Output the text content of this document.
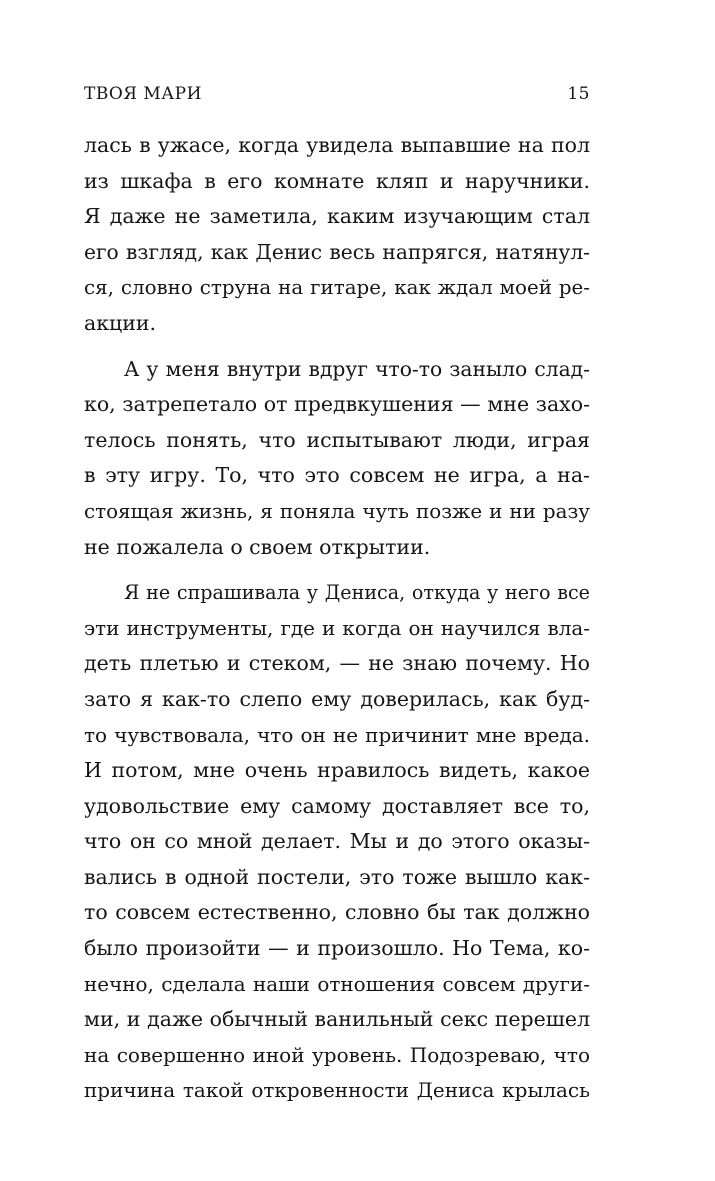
ТВОЯ МАРИ	15
лась в ужасе, когда увидела выпавшие на пол
из шкафа в его комнате кляп и наручники.
Я даже не заметила, каким изучающим стал
его взгляд, как Денис весь напрягся, натянул-
ся, словно струна на гитаре, как ждал моей ре-
акции.
А у меня внутри вдруг что-то заныло слад-
ко, затрепетало от предвкушения — мне захо-
телось понять, что испытывают люди, играя
в эту игру. То, что это совсем не игра, а на-
стоящая жизнь, я поняла чуть позже и ни разу
не пожалела о своем открытии.
Я не спрашивала у Дениса, откуда у него все
эти инструменты, где и когда он научился вла-
деть плетью и стеком, — не знаю почему. Но
зато я как-то слепо ему доверилась, как буд-
то чувствовала, что он не причинит мне вреда.
И потом, мне очень нравилось видеть, какое
удовольствие ему самому доставляет все то,
что он со мной делает. Мы и до этого оказы-
вались в одной постели, это тоже вышло как-
то совсем естественно, словно бы так должно
было произойти — и произошло. Но Тема, ко-
нечно, сделала наши отношения совсем други-
ми, и даже обычный ванильный секс перешел
на совершенно иной уровень. Подозреваю, что
причина такой откровенности Дениса крылась
